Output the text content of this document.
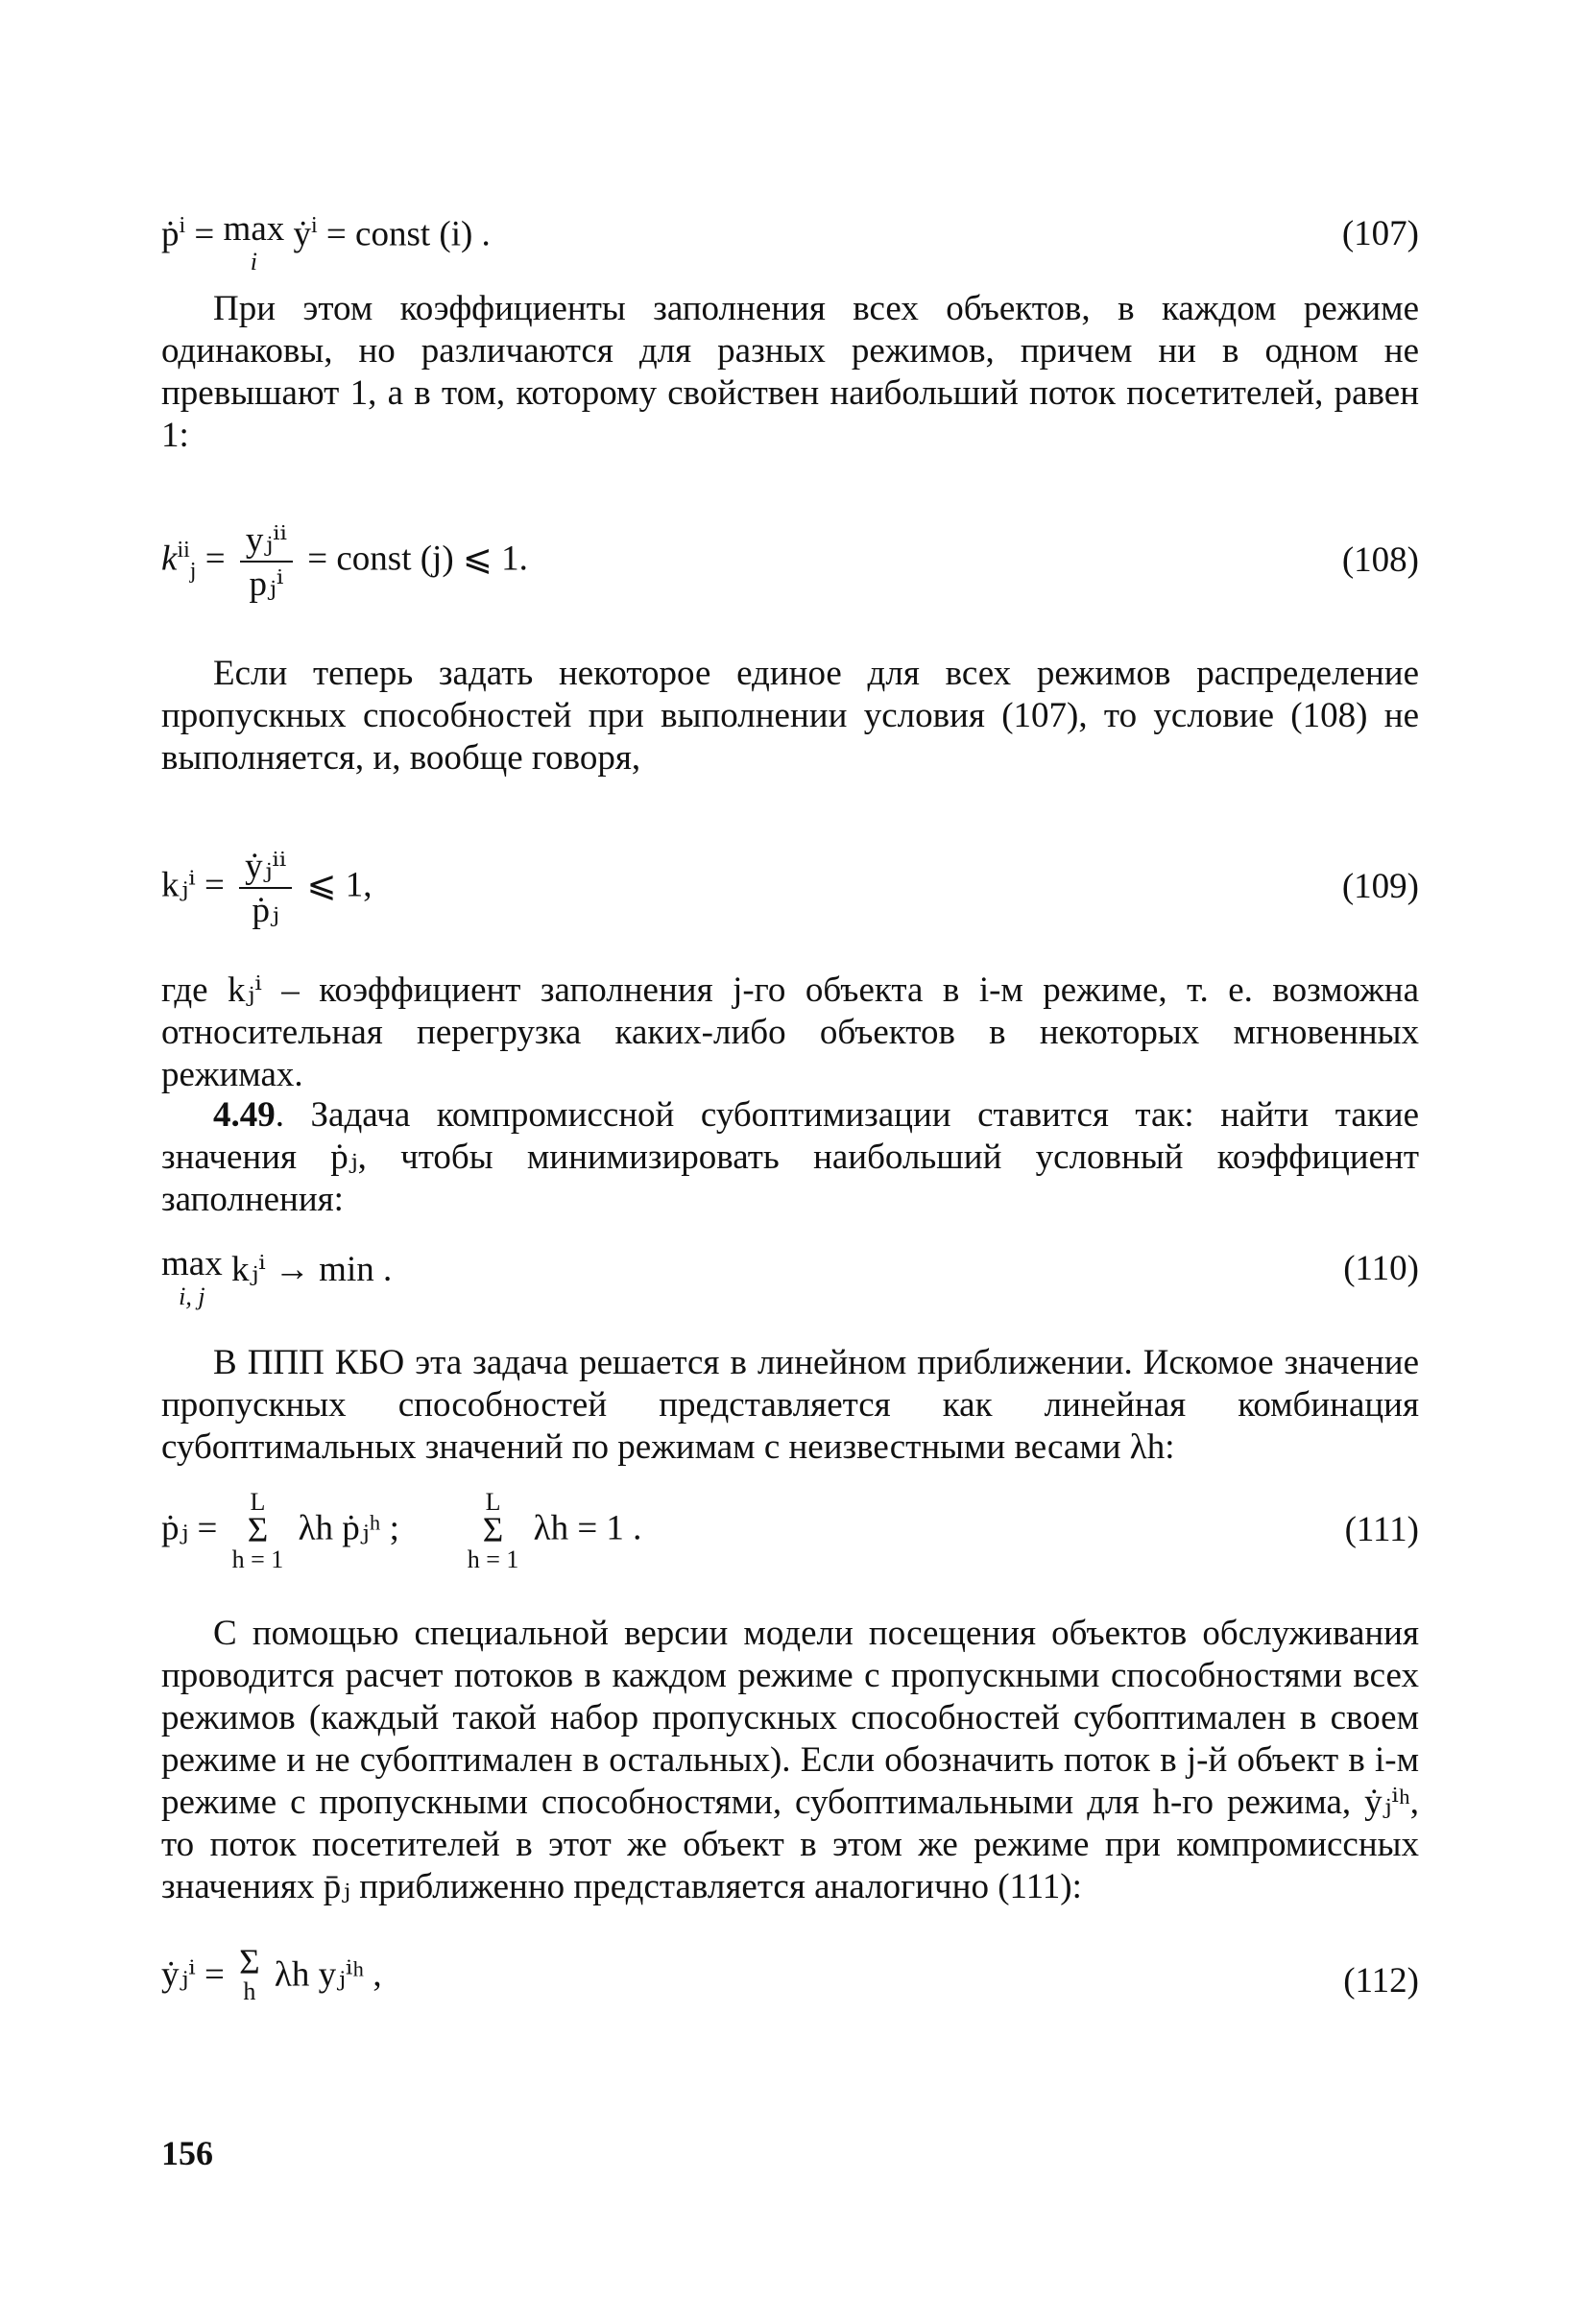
ṗ$^i$ = max
i
ẏ$^i$ = const (i) .	(107)

При этом коэффициенты заполнения всех объектов, в каждом режиме одинаковы, но различаются для разных режимов, причем ни в одном не превышают 1, а в том, которому свойствен наибольший поток посетителей, равен 1:

$k^{ii}_j = \frac{\text{yⱼⁱⁱ}}{\text{pⱼⁱ}}$ = const (j) ⩽ 1.	(108)

Если теперь задать некоторое единое для всех режимов распределение пропускных способностей при выполнении условия (107), то условие (108) не выполняется, и, вообще говоря,

kⱼⁱ = $\frac{\text{ẏⱼⁱⁱ}}{\text{ṗⱼ}}$ ⩽ 1,	(109)

где kⱼⁱ – коэффициент заполнения j-го объекта в i-м режиме, т. е. возможна относительная перегрузка каких-либо объектов в некоторых мгновенных режимах.

4.49. Задача компромиссной субоптимизации ставится так: найти такие значения ṗⱼ, чтобы минимизировать наибольший условный коэффициент заполнения:

max
i, j
kⱼⁱ → min .	(110)

В ППП КБО эта задача решается в линейном приближении. Искомое значение пропускных способностей представляется как линейная комбинация субоптимальных значений по режимам с неизвестными весами λh:

ṗⱼ =
L
Σ
h = 1
λh ṗⱼʰ ;
L
Σ
h = 1
λh = 1 .	(111)

С помощью специальной версии модели посещения объектов обслуживания проводится расчет потоков в каждом режиме с пропускными способностями всех режимов (каждый такой набор пропускных способностей субоптимален в своем режиме и не субоптимален в остальных). Если обозначить поток в j-й объект в i-м режиме с пропускными способностями, субоптимальными для h-го режима, ẏⱼⁱʰ, то поток посетителей в этот же объект в этом же режиме при компромиссных значениях p̄ⱼ приближенно представляется аналогично (111):

ẏⱼⁱ = Σ
h λh yⱼⁱʰ ,	(112)
156
